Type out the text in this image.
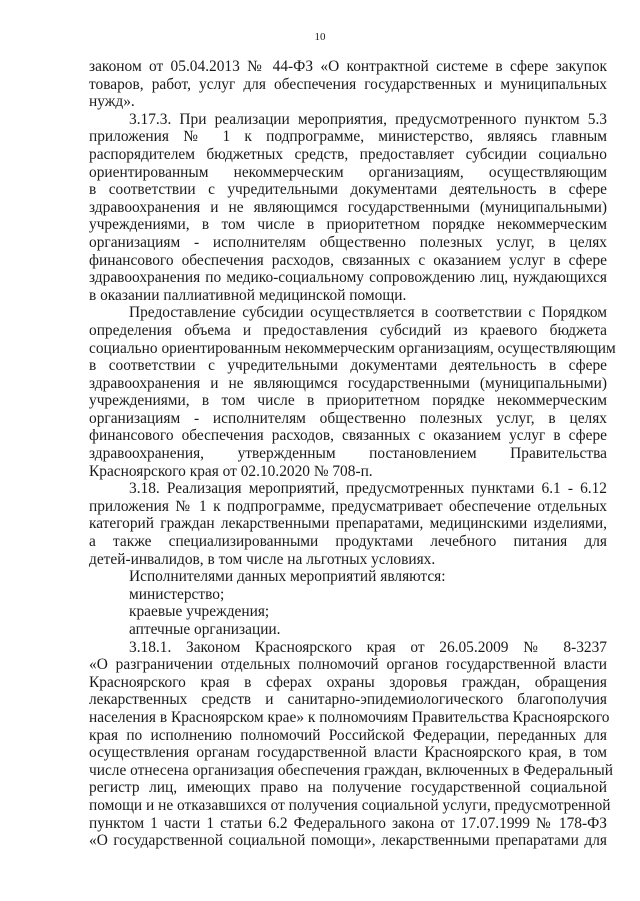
10
законом от 05.04.2013 № 44-ФЗ «О контрактной системе в сфере закупок
товаров, работ, услуг для обеспечения государственных и муниципальных
нужд».
3.17.3. При реализации мероприятия, предусмотренного пунктом 5.3
приложения № 1 к подпрограмме, министерство, являясь главным
распорядителем бюджетных средств, предоставляет субсидии социально
ориентированным некоммерческим организациям, осуществляющим
в соответствии с учредительными документами деятельность в сфере
здравоохранения и не являющимся государственными (муниципальными)
учреждениями, в том числе в приоритетном порядке некоммерческим
организациям - исполнителям общественно полезных услуг, в целях
финансового обеспечения расходов, связанных с оказанием услуг в сфере
здравоохранения по медико-социальному сопровождению лиц, нуждающихся
в оказании паллиативной медицинской помощи.
Предоставление субсидии осуществляется в соответствии с Порядком
определения объема и предоставления субсидий из краевого бюджета
социально ориентированным некоммерческим организациям, осуществляющим
в соответствии с учредительными документами деятельность в сфере
здравоохранения и не являющимся государственными (муниципальными)
учреждениями, в том числе в приоритетном порядке некоммерческим
организациям - исполнителям общественно полезных услуг, в целях
финансового обеспечения расходов, связанных с оказанием услуг в сфере
здравоохранения, утвержденным постановлением Правительства
Красноярского края от 02.10.2020 № 708-п.
3.18. Реализация мероприятий, предусмотренных пунктами 6.1 - 6.12
приложения № 1 к подпрограмме, предусматривает обеспечение отдельных
категорий граждан лекарственными препаратами, медицинскими изделиями,
а также специализированными продуктами лечебного питания для
детей-инвалидов, в том числе на льготных условиях.
Исполнителями данных мероприятий являются:
министерство;
краевые учреждения;
аптечные организации.
3.18.1. Законом Красноярского края от 26.05.2009 № 8-3237
«О разграничении отдельных полномочий органов государственной власти
Красноярского края в сферах охраны здоровья граждан, обращения
лекарственных средств и санитарно-эпидемиологического благополучия
населения в Красноярском крае» к полномочиям Правительства Красноярского
края по исполнению полномочий Российской Федерации, переданных для
осуществления органам государственной власти Красноярского края, в том
числе отнесена организация обеспечения граждан, включенных в Федеральный
регистр лиц, имеющих право на получение государственной социальной
помощи и не отказавшихся от получения социальной услуги, предусмотренной
пунктом 1 части 1 статьи 6.2 Федерального закона от 17.07.1999 № 178-ФЗ
«О государственной социальной помощи», лекарственными препаратами для
